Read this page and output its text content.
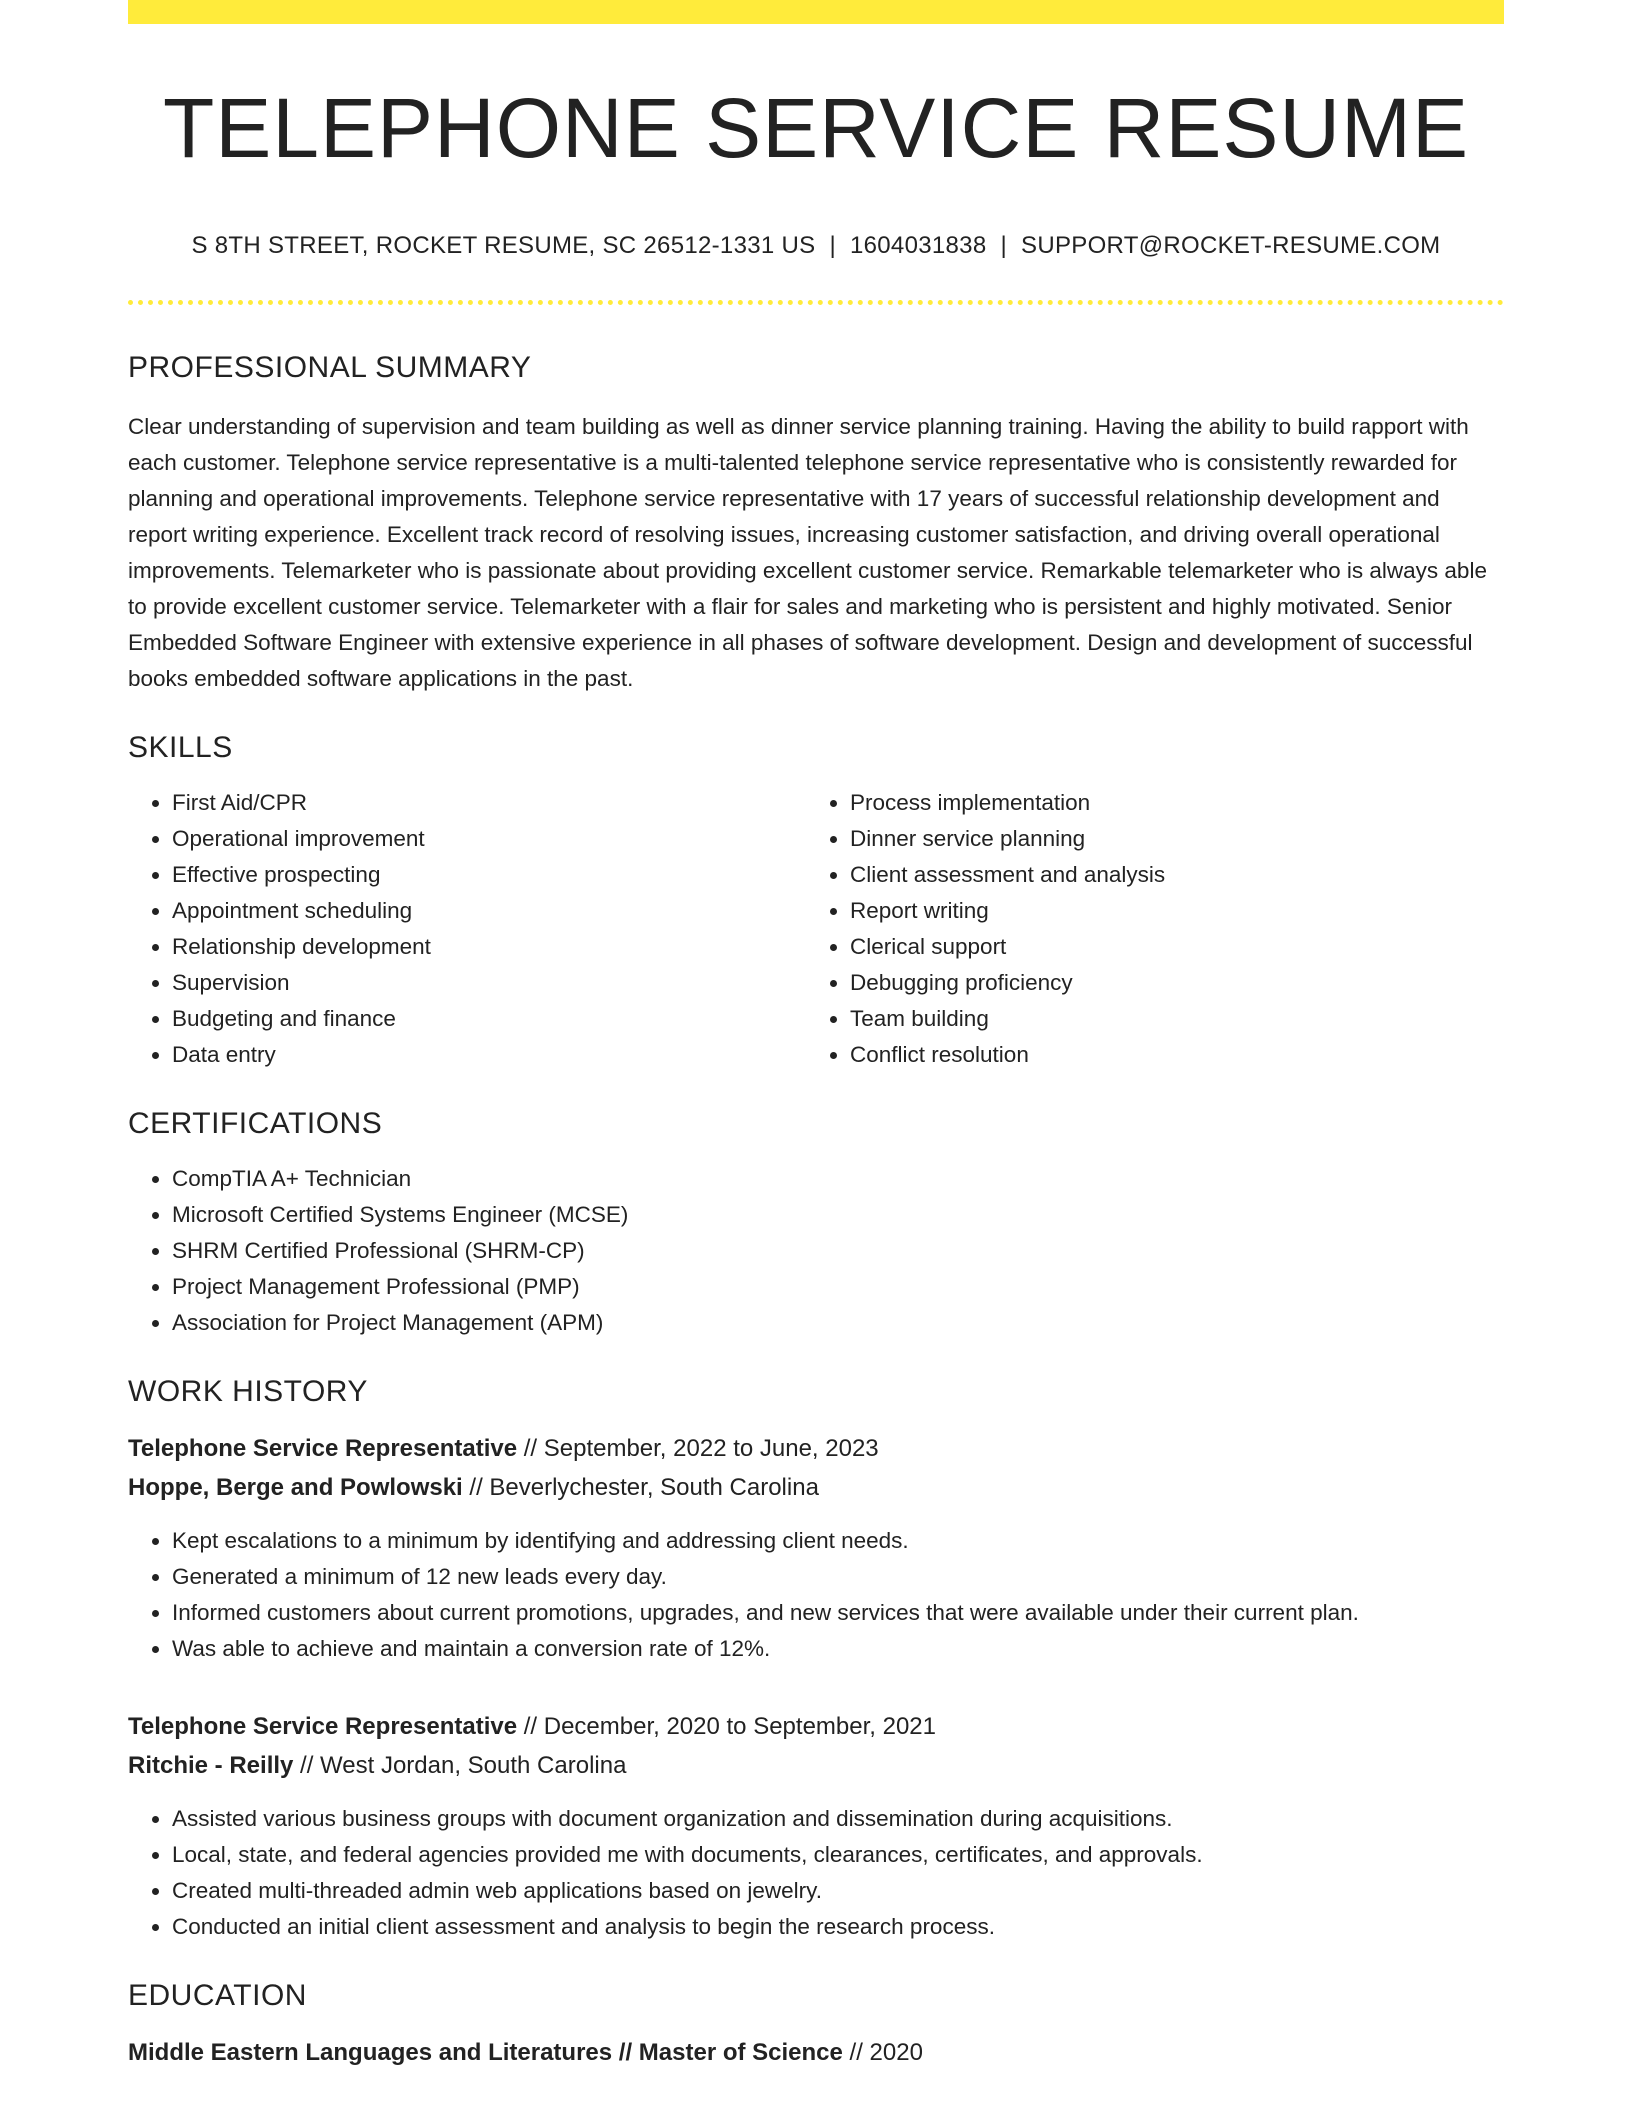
TELEPHONE SERVICE RESUME
S 8TH STREET, ROCKET RESUME, SC 26512-1331 US | 1604031838 | SUPPORT@ROCKET-RESUME.COM
PROFESSIONAL SUMMARY
Clear understanding of supervision and team building as well as dinner service planning training. Having the ability to build rapport with each customer. Telephone service representative is a multi-talented telephone service representative who is consistently rewarded for planning and operational improvements. Telephone service representative with 17 years of successful relationship development and report writing experience. Excellent track record of resolving issues, increasing customer satisfaction, and driving overall operational improvements. Telemarketer who is passionate about providing excellent customer service. Remarkable telemarketer who is always able to provide excellent customer service. Telemarketer with a flair for sales and marketing who is persistent and highly motivated. Senior Embedded Software Engineer with extensive experience in all phases of software development. Design and development of successful books embedded software applications in the past.
SKILLS
• First Aid/CPR
• Operational improvement
• Effective prospecting
• Appointment scheduling
• Relationship development
• Supervision
• Budgeting and finance
• Data entry
• Process implementation
• Dinner service planning
• Client assessment and analysis
• Report writing
• Clerical support
• Debugging proficiency
• Team building
• Conflict resolution
CERTIFICATIONS
• CompTIA A+ Technician
• Microsoft Certified Systems Engineer (MCSE)
• SHRM Certified Professional (SHRM-CP)
• Project Management Professional (PMP)
• Association for Project Management (APM)
WORK HISTORY
Telephone Service Representative // September, 2022 to June, 2023
Hoppe, Berge and Powlowski // Beverlychester, South Carolina
• Kept escalations to a minimum by identifying and addressing client needs.
• Generated a minimum of 12 new leads every day.
• Informed customers about current promotions, upgrades, and new services that were available under their current plan.
• Was able to achieve and maintain a conversion rate of 12%.
Telephone Service Representative // December, 2020 to September, 2021
Ritchie - Reilly // West Jordan, South Carolina
• Assisted various business groups with document organization and dissemination during acquisitions.
• Local, state, and federal agencies provided me with documents, clearances, certificates, and approvals.
• Created multi-threaded admin web applications based on jewelry.
• Conducted an initial client assessment and analysis to begin the research process.
EDUCATION
Middle Eastern Languages and Literatures // Master of Science // 2020
